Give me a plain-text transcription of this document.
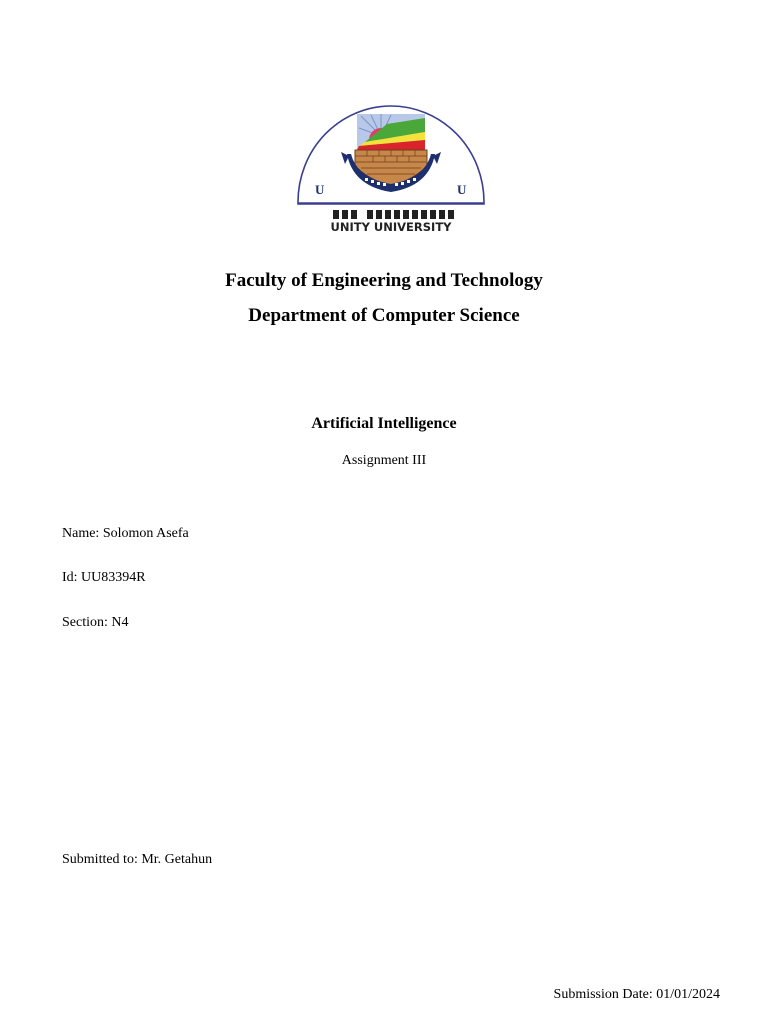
U	U
UNITY UNIVERSITY
Faculty of Engineering and Technology
Department of Computer Science
Artificial Intelligence
Assignment III
Name: Solomon Asefa
Id: UU83394R
Section: N4
Submitted to: Mr. Getahun
Submission Date: 01/01/2024
